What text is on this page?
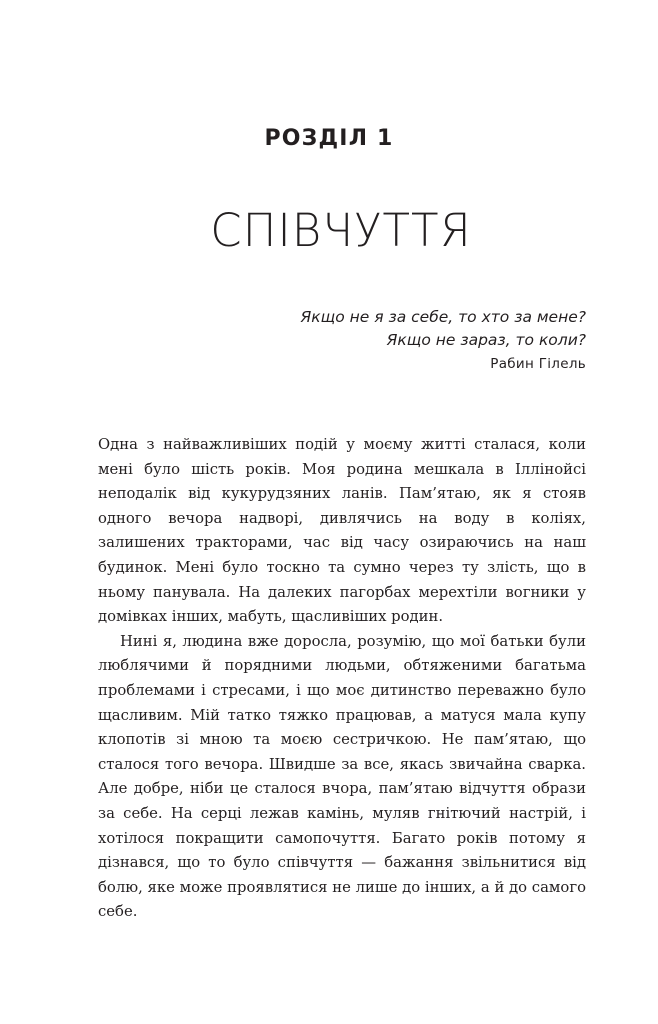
РОЗДІЛ 1
СПІВЧУТТЯ
Якщо не я за себе, то хто за мене?
Якщо не зараз, то коли?
Рабин Гілель

Одна з найважливіших подій у моєму житті сталася, коли мені було шість років. Моя родина мешкала в Іллінойсі неподалік від кукурудзяних ланів. Пам’ятаю, як я стояв одного вечора надворі, дивлячись на воду в коліях, залишених тракторами, час від часу озираючись на наш будинок. Мені було тоскно та сумно через ту злість, що в ньому панувала. На далеких пагорбах мерехтіли вогники у домівках інших, мабуть, щасливіших родин.

Нині я, людина вже доросла, розумію, що мої батьки були люблячими й порядними людьми, обтяженими багатьма проблемами і стресами, і що моє дитинство переважно було щасливим. Мій татко тяжко працював, а матуся мала купу клопотів зі мною та моєю сестричкою. Не пам’ятаю, що сталося того вечора. Швидше за все, якась звичайна сварка. Але добре, ніби це сталося вчора, пам’ятаю відчуття образи за себе. На серці лежав камінь, муляв гнітючий настрій, і хотілося покращити самопочуття. Багато років потому я дізнався, що то було співчуття — бажання звільнитися від болю, яке може проявлятися не лише до інших, а й до самого себе.
